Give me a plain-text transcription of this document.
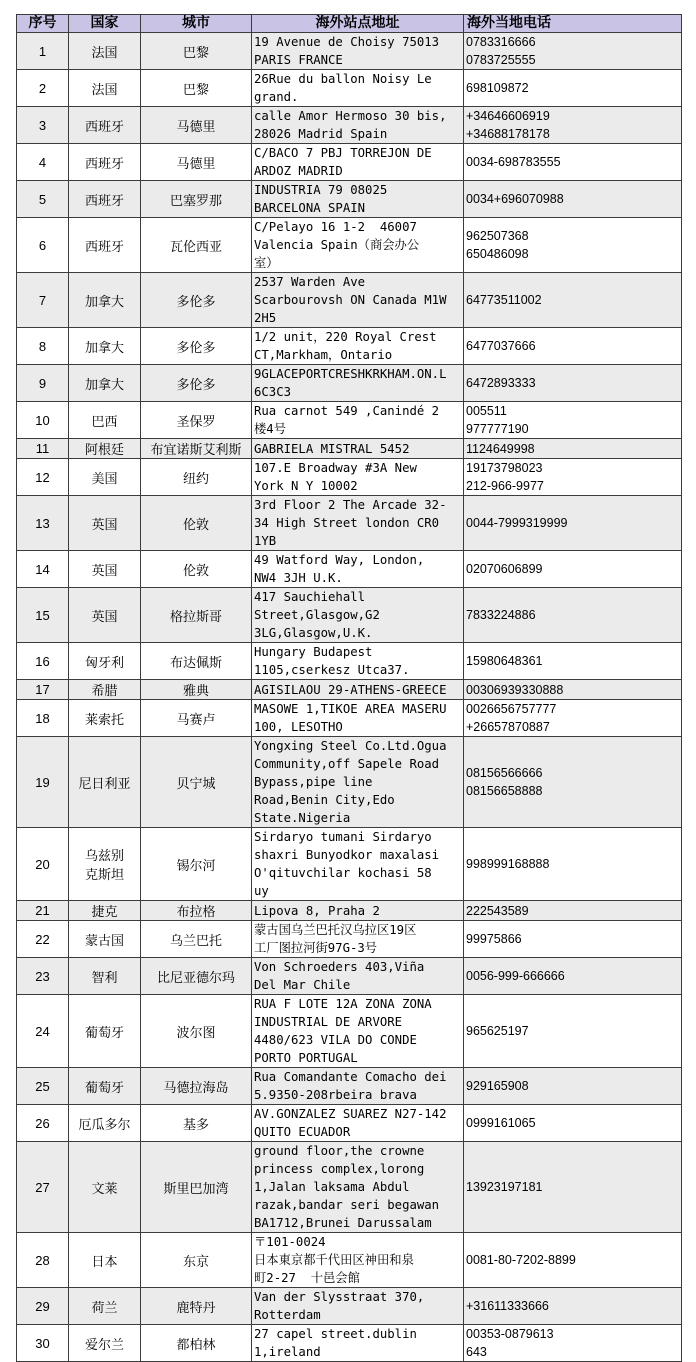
序号	国家	城市	海外站点地址	海外当地电话
1	法国	巴黎	19 Avenue de Choisy 75013
PARIS FRANCE	0783316666
0783725555
2	法国	巴黎	26Rue du ballon Noisy Le
grand.	698109872
3	西班牙	马德里	calle Amor Hermoso 30 bis,
28026 Madrid Spain	+34646606919
+34688178178
4	西班牙	马德里	C/BACO 7 PBJ TORREJON DE
ARDOZ MADRID	0034-698783555
5	西班牙	巴塞罗那	INDUSTRIA 79 08025
BARCELONA SPAIN	0034+696070988
6	西班牙	瓦伦西亚	C/Pelayo 16 1-2  46007
Valencia Spain（商会办公
室）	962507368
650486098
7	加拿大	多伦多	2537 Warden Ave
Scarbourovsh ON Canada M1W
2H5	64773511002
8	加拿大	多伦多	1/2 unit，220 Royal Crest
CT,Markham，Ontario	6477037666
9	加拿大	多伦多	9GLACEPORTCRESHKRKHAM.ON.L
6C3C3	6472893333
10	巴西	圣保罗	Rua carnot 549 ,Canindé 2
楼4号	005511
977777190
11	阿根廷	布宜诺斯艾利斯	GABRIELA MISTRAL 5452	1124649998
12	美国	纽约	107.E Broadway #3A New
York N Y 10002	19173798023
212-966-9977
13	英国	伦敦	3rd Floor 2 The Arcade 32-
34 High Street london CR0
1YB	0044-7999319999
14	英国	伦敦	49 Watford Way, London,
NW4 3JH U.K.	02070606899
15	英国	格拉斯哥	417 Sauchiehall
Street,Glasgow,G2
3LG,Glasgow,U.K.	7833224886
16	匈牙利	布达佩斯	Hungary Budapest
1105,cserkesz Utca37.	15980648361
17	希腊	雅典	AGISILAOU 29-ATHENS-GREECE	00306939330888
18	莱索托	马赛卢	MASOWE 1,TIKOE AREA MASERU
100, LESOTHO	0026656757777
+26657870887
19	尼日利亚	贝宁城	Yongxing Steel Co.Ltd.Ogua
Community,off Sapele Road
Bypass,pipe line
Road,Benin City,Edo
State.Nigeria	08156566666
08156658888
20	乌兹别
克斯坦	锡尔河	Sirdaryo tumani Sirdaryo
shaxri Bunyodkor maxalasi
O'qituvchilar kochasi 58
uy	998999168888
21	捷克	布拉格	Lipova 8, Praha 2	222543589
22	蒙古国	乌兰巴托	蒙古国乌兰巴托汉乌拉区19区
工厂图拉河街97G-3号	99975866
23	智利	比尼亚德尔玛	Von Schroeders 403,Viña
Del Mar Chile	0056-999-666666
24	葡萄牙	波尔图	RUA F LOTE 12A ZONA ZONA
INDUSTRIAL DE ARVORE
4480/623 VILA DO CONDE
PORTO PORTUGAL	965625197
25	葡萄牙	马德拉海岛	Rua Comandante Comacho dei
5.9350-208rbeira brava	929165908
26	厄瓜多尔	基多	AV.GONZALEZ SUAREZ N27-142
QUITO ECUADOR	0999161065
27	文莱	斯里巴加湾	ground floor,the crowne
princess complex,lorong
1,Jalan laksama Abdul
razak,bandar seri begawan
BA1712,Brunei Darussalam	13923197181
28	日本	东京	〒101-0024
日本東京都千代田区神田和泉
町2-27  十邑会館	0081-80-7202-8899
29	荷兰	鹿特丹	Van der Slysstraat 370,
Rotterdam	+31611333666
30	爱尔兰	都柏林	27 capel street.dublin
1,ireland	00353-0879613
643
